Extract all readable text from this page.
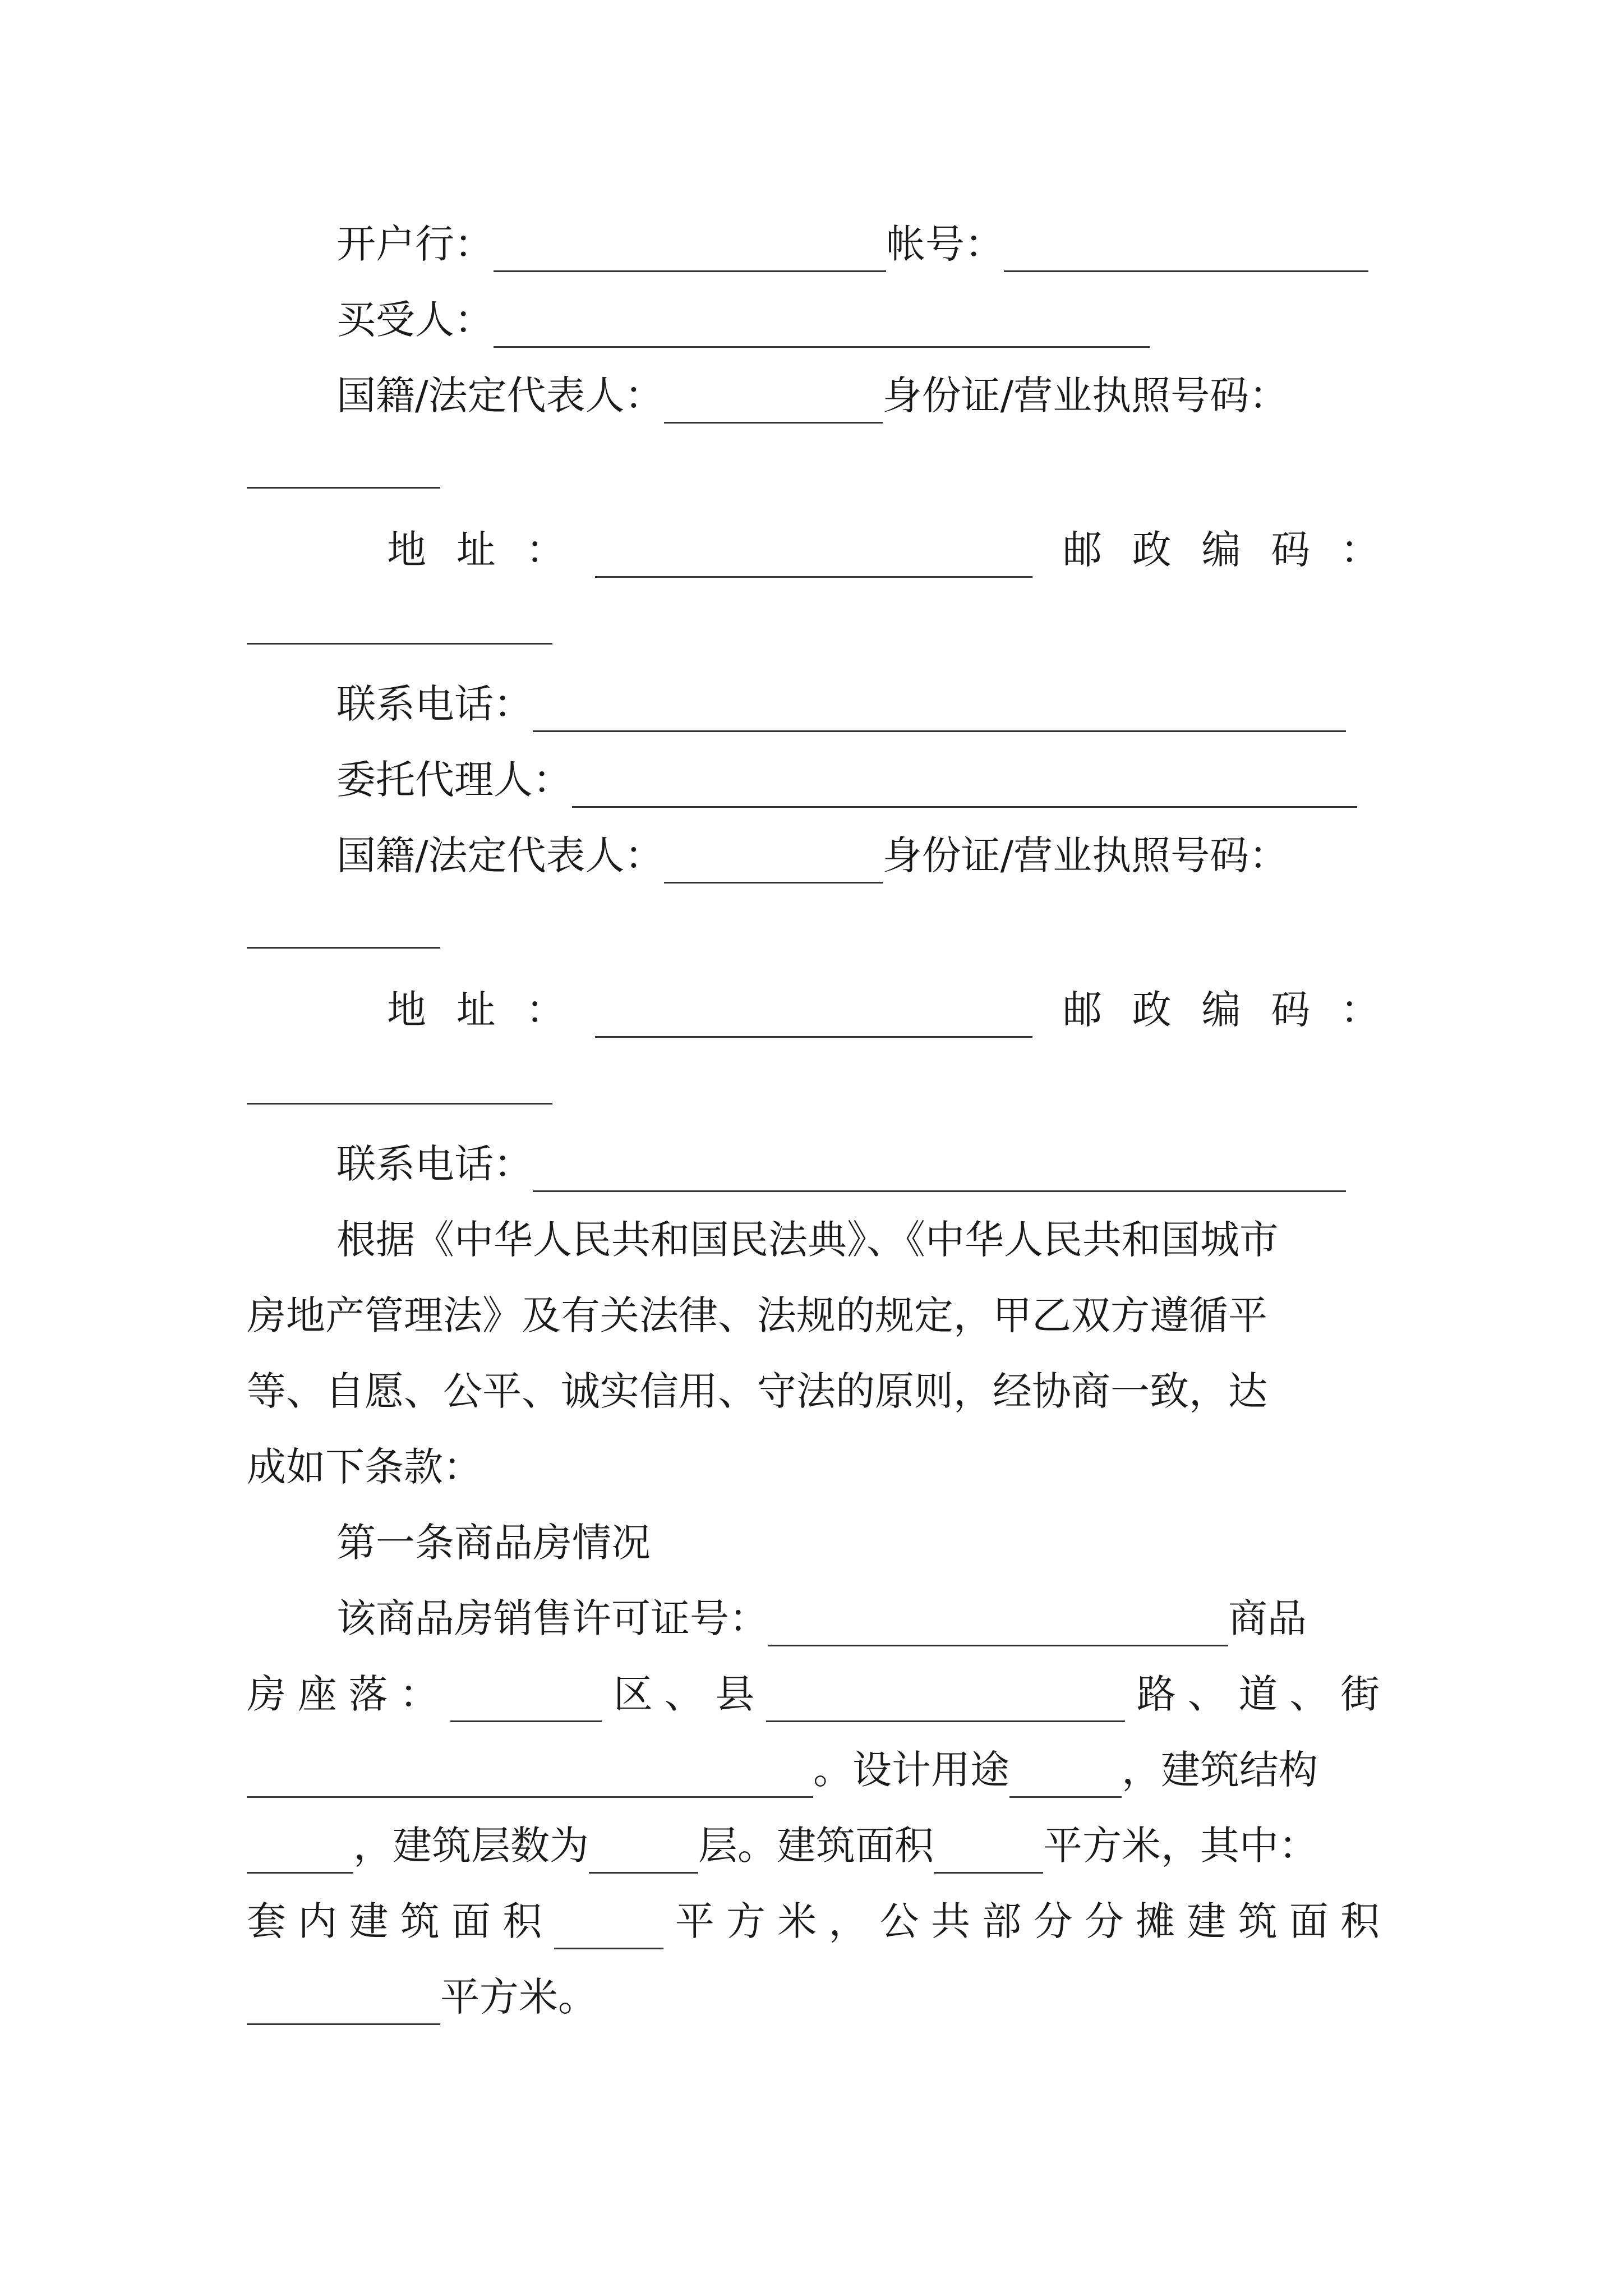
开户行：	帐号：
买受人：
国籍/法定代表人：	身份证/营业执照号码：
地 址 ：	邮 政 编 码 ：
联系电话：
委托代理人：
国籍/法定代表人：	身份证/营业执照号码：
地 址 ：	邮 政 编 码 ：
联系电话：
根据《中华人民共和国民法典》、《中华人民共和国城市
房地产管理法》及有关法律、法规的规定，甲乙双方遵循平
等、自愿、公平、诚实信用、守法的原则，经协商一致，达
成如下条款：
第一条商品房情况
该商品房销售许可证号：	商品
房 座 落 ：	区 、 县	路 、 道 、 街
。设计用途	，建筑结构
，建筑层数为	层。建筑面积	平方米，其中：
套 内 建 筑 面 积	平 方 米 ， 公 共 部 分 分 摊 建 筑 面 积
平方米。
